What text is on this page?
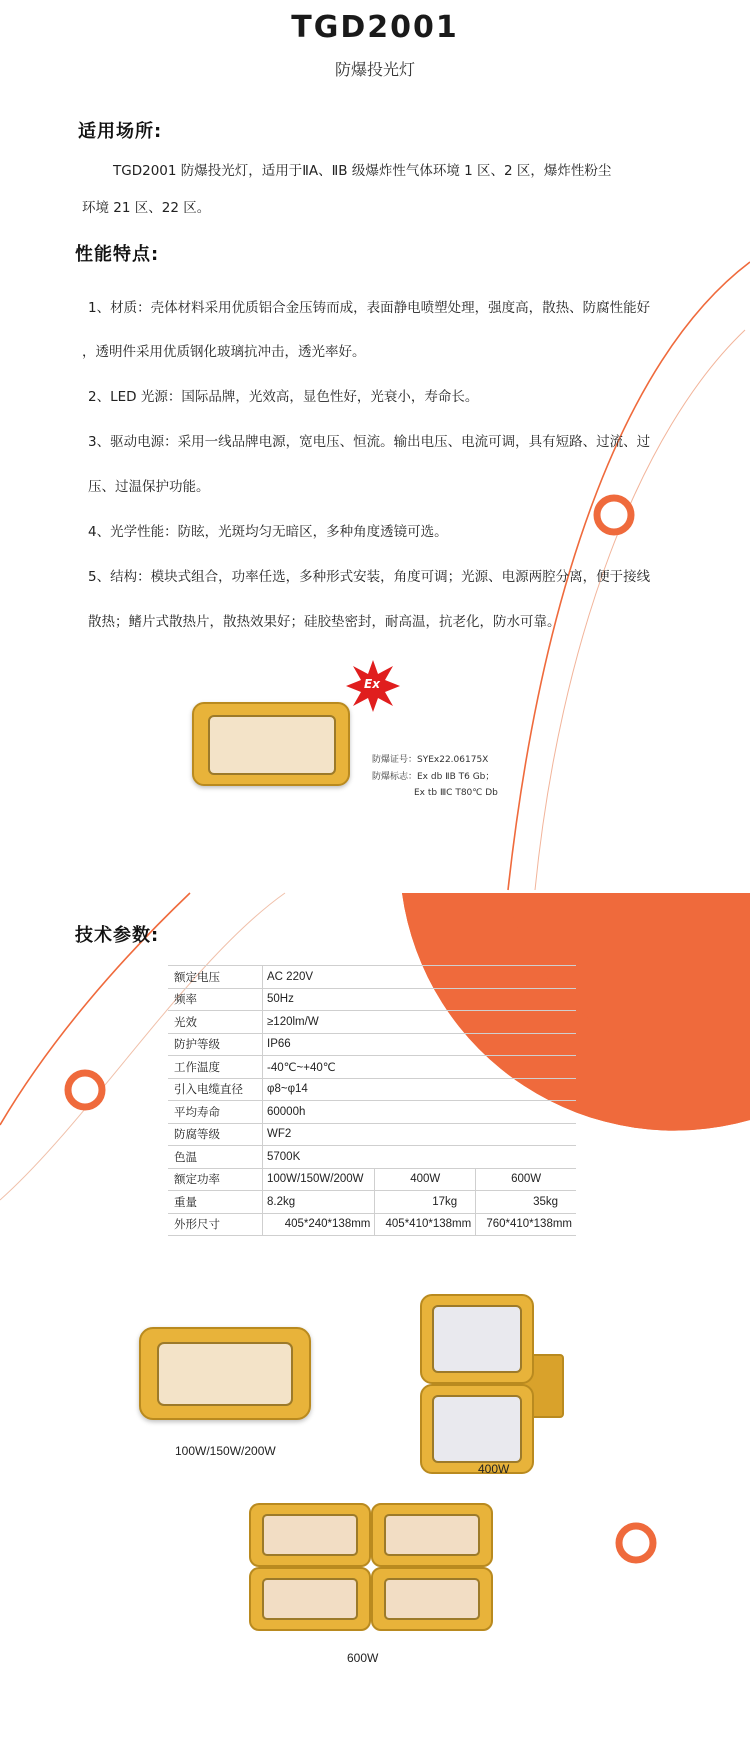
TGD2001
防爆投光灯
适用场所:
TGD2001 防爆投光灯，适用于ⅡA、ⅡB 级爆炸性气体环境 1 区、2 区，爆炸性粉尘
环境 21 区、22 区。
性能特点:
1、材质：壳体材料采用优质铝合金压铸而成，表面静电喷塑处理，强度高，散热、防腐性能好
，透明件采用优质钢化玻璃抗冲击，透光率好。
2、LED 光源：国际品牌，光效高，显色性好，光衰小，寿命长。
3、驱动电源：采用一线品牌电源，宽电压、恒流。输出电压、电流可调，具有短路、过流、过
压、过温保护功能。
4、光学性能：防眩，光斑均匀无暗区，多种角度透镜可选。
5、结构：模块式组合，功率任选，多种形式安装，角度可调；光源、电源两腔分离，便于接线
散热；鳍片式散热片，散热效果好；硅胶垫密封，耐高温，抗老化，防水可靠。
Ex
防爆证号：SYEx22.06175X
防爆标志：Ex db ⅡB T6 Gb；
Ex tb ⅢC T80℃ Db
技术参数:
额定电压	AC 220V		
频率	50Hz		
光效	≥120lm/W		
防护等级	IP66		
工作温度	-40℃~+40℃		
引入电缆直径	φ8~φ14		
平均寿命	60000h		
防腐等级	WF2		
色温	5700K		
额定功率	100W/150W/200W	400W	600W
重量	8.2kg	17kg	35kg
外形尺寸	405*240*138mm	405*410*138mm	760*410*138mm
100W/150W/200W
400W
600W
